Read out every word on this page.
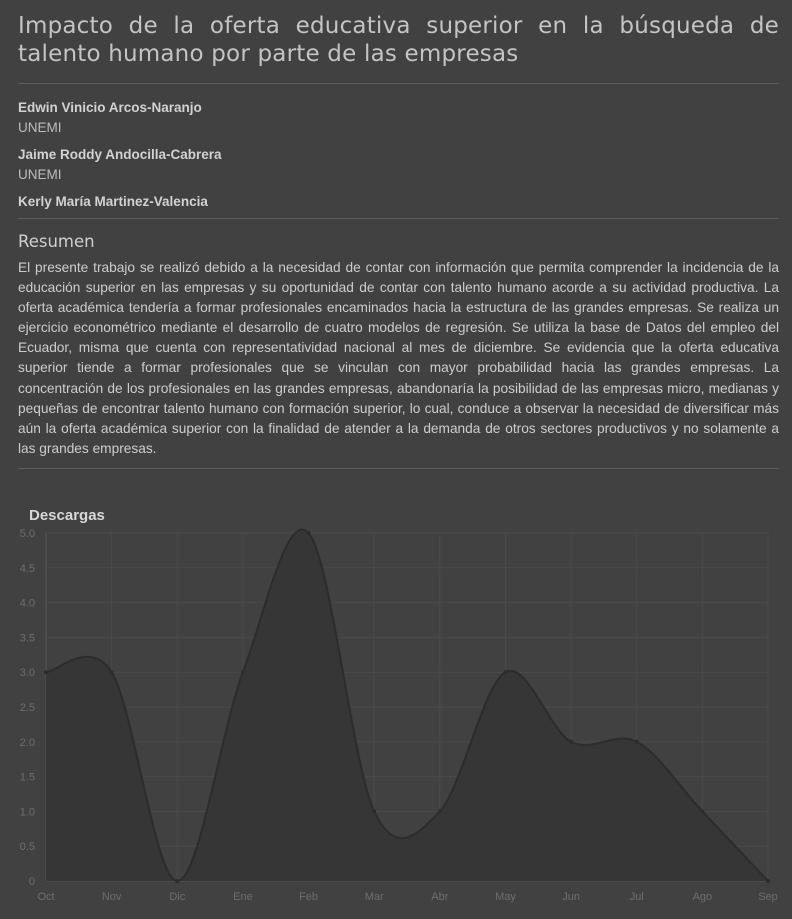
Impacto de la oferta educativa superior en la búsqueda de talento humano por parte de las empresas
Edwin Vinicio Arcos-Naranjo
UNEMI
Jaime Roddy Andocilla-Cabrera
UNEMI
Kerly María Martinez-Valencia
Resumen

El presente trabajo se realizó debido a la necesidad de contar con información que permita comprender la incidencia de la educación superior en las empresas y su oportunidad de contar con talento humano acorde a su actividad productiva. La oferta académica tendería a formar profesionales encaminados hacia la estructura de las grandes empresas. Se realiza un ejercicio econométrico mediante el desarrollo de cuatro modelos de regresión. Se utiliza la base de Datos del empleo del Ecuador, misma que cuenta con representatividad nacional al mes de diciembre. Se evidencia que la oferta educativa superior tiende a formar profesionales que se vinculan con mayor probabilidad hacia las grandes empresas. La concentración de los profesionales en las grandes empresas, abandonaría la posibilidad de las empresas micro, medianas y pequeñas de encontrar talento humano con formación superior, lo cual, conduce a observar la necesidad de diversificar más aún la oferta académica superior con la finalidad de atender a la demanda de otros sectores productivos y no solamente a las grandes empresas.

Descargas
0
0.5
1.0
1.5
2.0
2.5
3.0
3.5
4.0
4.5
5.0
Oct	Nov	Dic	Ene	Feb	Mar	Abr	May	Jun	Jul	Ago	Sep
